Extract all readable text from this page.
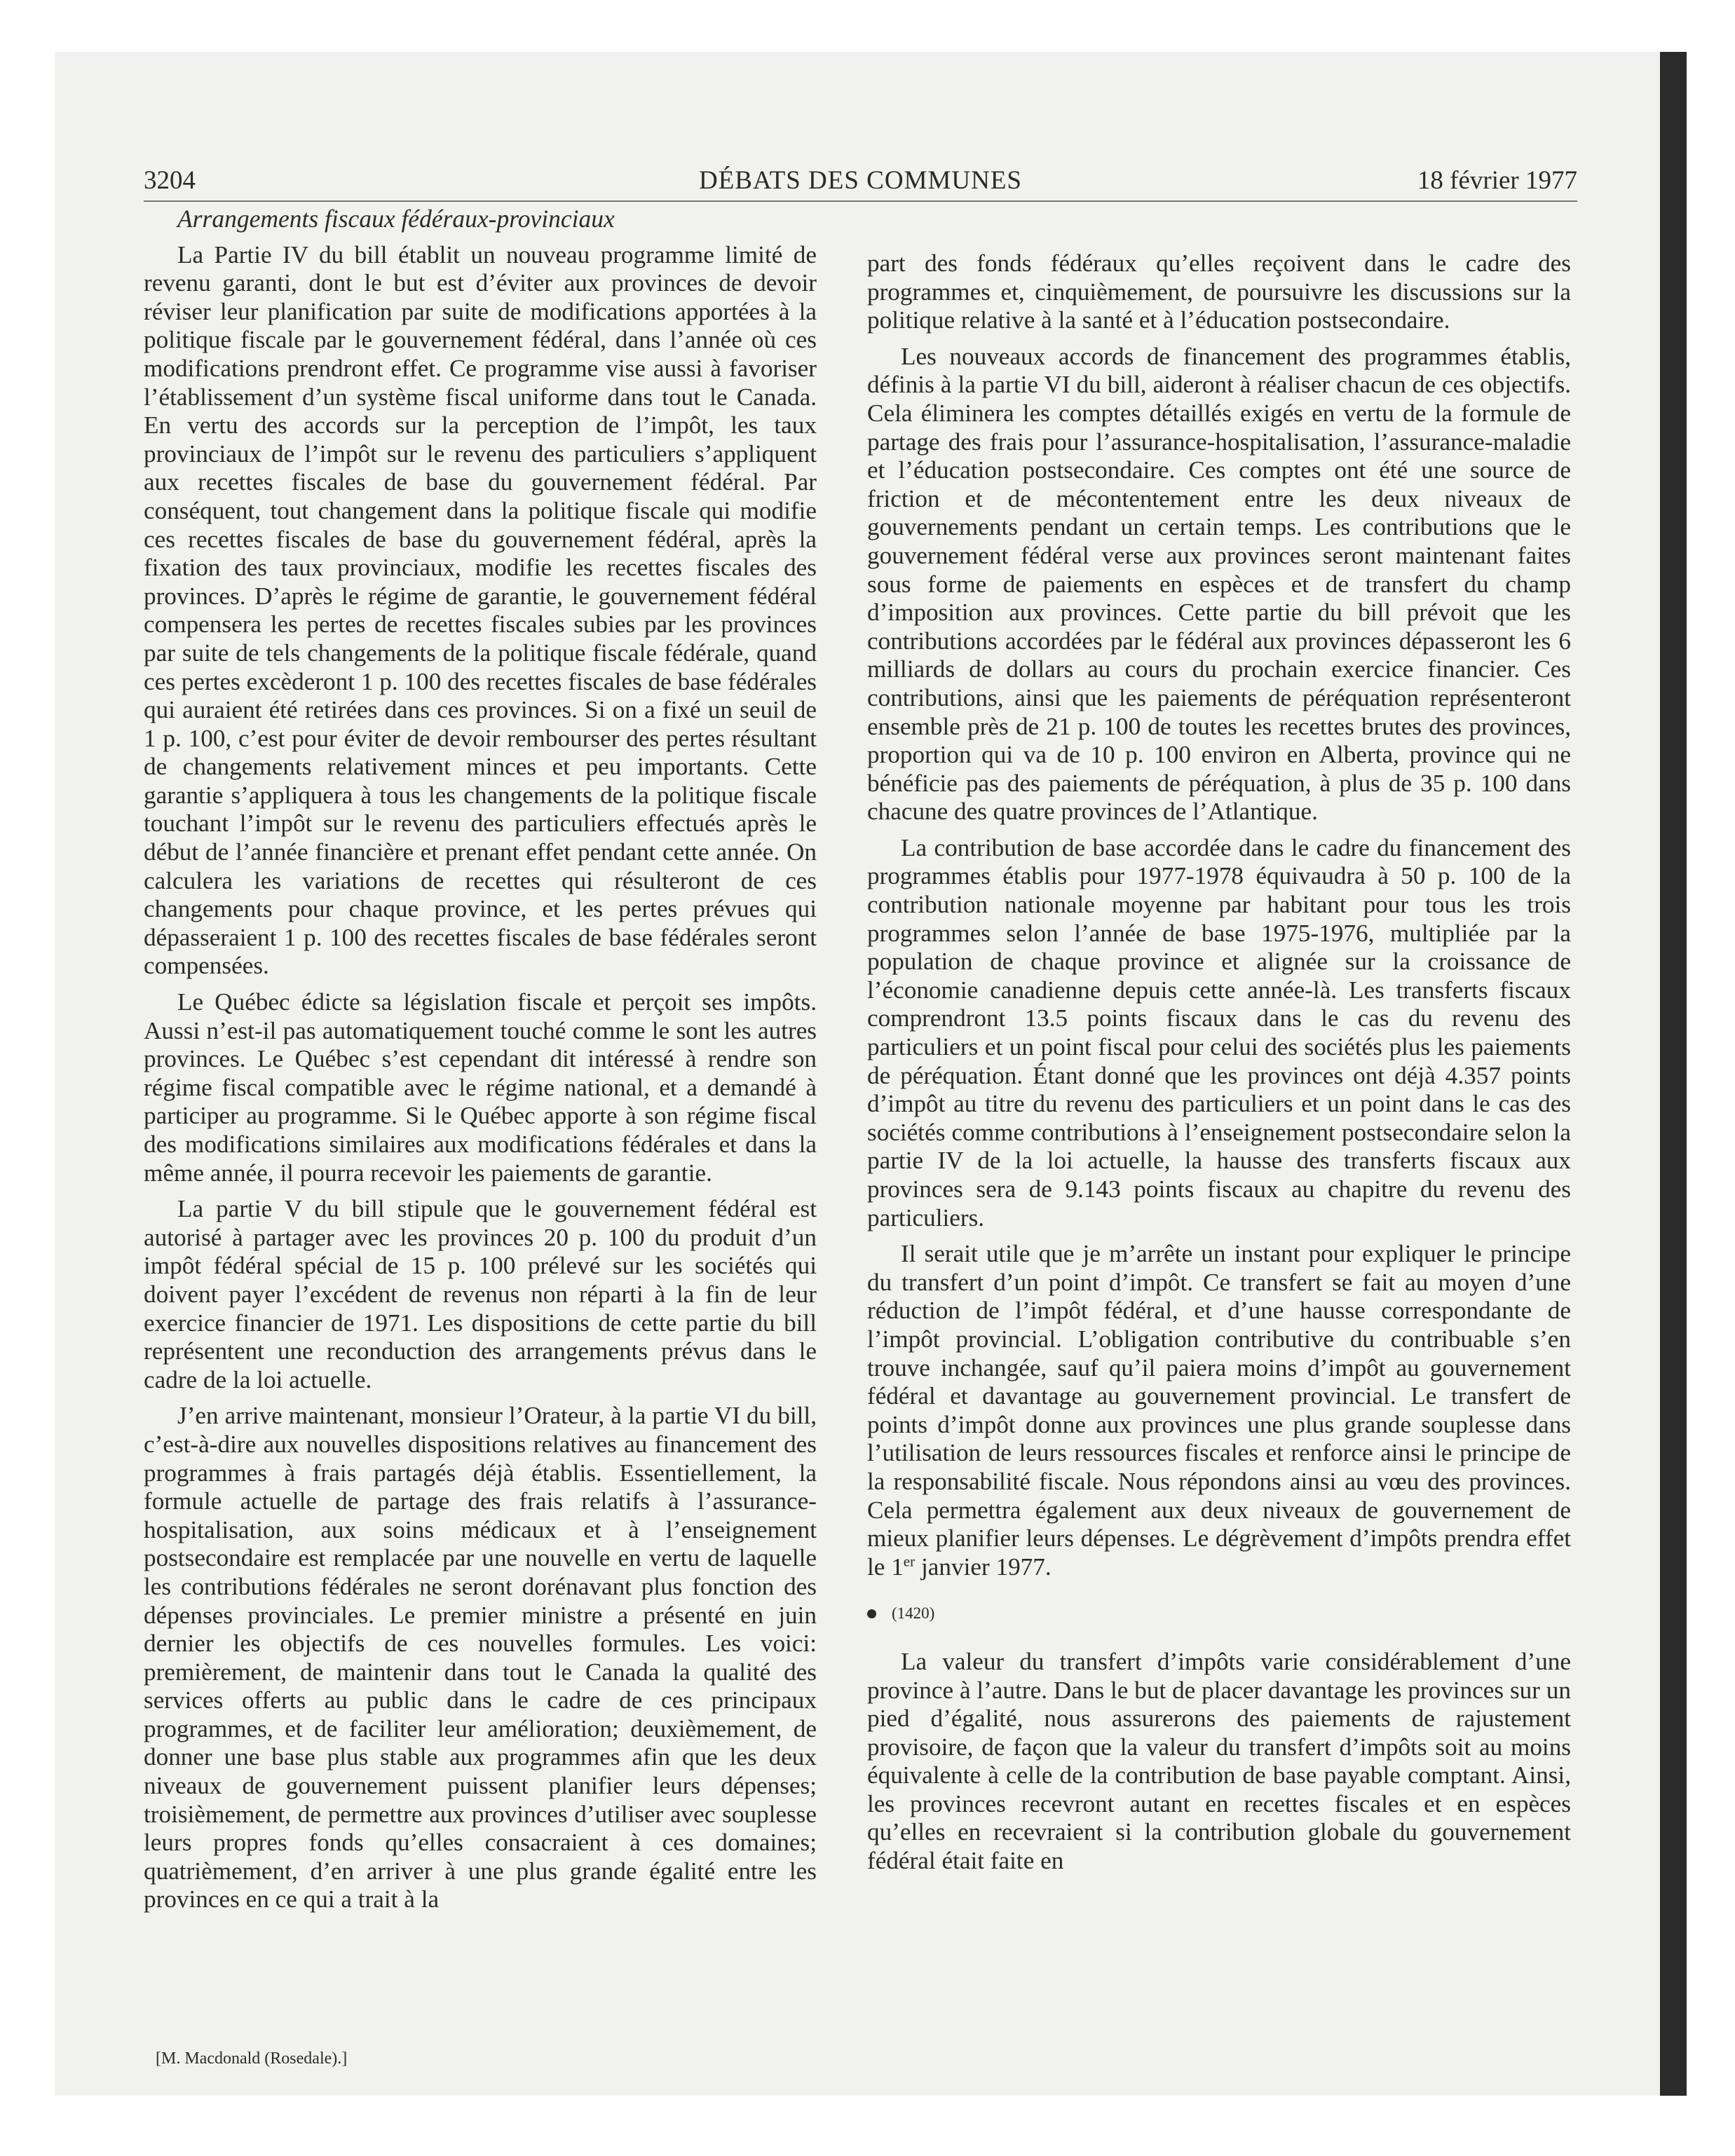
3204	DÉBATS DES COMMUNES	18 février 1977

Arrangements fiscaux fédéraux-provinciaux

La Partie IV du bill établit un nouveau programme limité de revenu garanti, dont le but est d’éviter aux provinces de devoir réviser leur planification par suite de modifications apportées à la politique fiscale par le gouvernement fédéral, dans l’année où ces modifications prendront effet. Ce programme vise aussi à favoriser l’établissement d’un système fiscal uniforme dans tout le Canada. En vertu des accords sur la perception de l’impôt, les taux provinciaux de l’impôt sur le revenu des particuliers s’appliquent aux recettes fiscales de base du gouvernement fédéral. Par conséquent, tout changement dans la politique fiscale qui modifie ces recettes fiscales de base du gouvernement fédéral, après la fixation des taux provinciaux, modifie les recettes fiscales des provinces. D’après le régime de garantie, le gouvernement fédéral compensera les pertes de recettes fiscales subies par les provinces par suite de tels changements de la politique fiscale fédérale, quand ces pertes excèderont 1 p. 100 des recettes fiscales de base fédérales qui auraient été retirées dans ces provinces. Si on a fixé un seuil de 1 p. 100, c’est pour éviter de devoir rembourser des pertes résultant de changements relativement minces et peu importants. Cette garantie s’appliquera à tous les changements de la politique fiscale touchant l’impôt sur le revenu des particuliers effectués après le début de l’année financière et prenant effet pendant cette année. On calculera les variations de recettes qui résulteront de ces changements pour chaque province, et les pertes prévues qui dépasseraient 1 p. 100 des recettes fiscales de base fédérales seront compensées.

Le Québec édicte sa législation fiscale et perçoit ses impôts. Aussi n’est-il pas automatiquement touché comme le sont les autres provinces. Le Québec s’est cependant dit intéressé à rendre son régime fiscal compatible avec le régime national, et a demandé à participer au programme. Si le Québec apporte à son régime fiscal des modifications similaires aux modifications fédérales et dans la même année, il pourra recevoir les paiements de garantie.

La partie V du bill stipule que le gouvernement fédéral est autorisé à partager avec les provinces 20 p. 100 du produit d’un impôt fédéral spécial de 15 p. 100 prélevé sur les sociétés qui doivent payer l’excédent de revenus non réparti à la fin de leur exercice financier de 1971. Les dispositions de cette partie du bill représentent une reconduction des arrangements prévus dans le cadre de la loi actuelle.

J’en arrive maintenant, monsieur l’Orateur, à la partie VI du bill, c’est-à-dire aux nouvelles dispositions relatives au financement des programmes à frais partagés déjà établis. Essentiellement, la formule actuelle de partage des frais relatifs à l’assurance-hospitalisation, aux soins médicaux et à l’enseignement postsecondaire est remplacée par une nouvelle en vertu de laquelle les contributions fédérales ne seront dorénavant plus fonction des dépenses provinciales. Le premier ministre a présenté en juin dernier les objectifs de ces nouvelles formules. Les voici: premièrement, de maintenir dans tout le Canada la qualité des services offerts au public dans le cadre de ces principaux programmes, et de faciliter leur amélioration; deuxièmement, de donner une base plus stable aux programmes afin que les deux niveaux de gouvernement puissent planifier leurs dépenses; troisièmement, de permettre aux provinces d’utiliser avec souplesse leurs propres fonds qu’elles consacraient à ces domaines; quatrièmement, d’en arriver à une plus grande égalité entre les provinces en ce qui a trait à la

[M. Macdonald (Rosedale).]

part des fonds fédéraux qu’elles reçoivent dans le cadre des programmes et, cinquièmement, de poursuivre les discussions sur la politique relative à la santé et à l’éducation postsecondaire.

Les nouveaux accords de financement des programmes établis, définis à la partie VI du bill, aideront à réaliser chacun de ces objectifs. Cela éliminera les comptes détaillés exigés en vertu de la formule de partage des frais pour l’assurance-hospitalisation, l’assurance-maladie et l’éducation postsecondaire. Ces comptes ont été une source de friction et de mécontentement entre les deux niveaux de gouvernements pendant un certain temps. Les contributions que le gouvernement fédéral verse aux provinces seront maintenant faites sous forme de paiements en espèces et de transfert du champ d’imposition aux provinces. Cette partie du bill prévoit que les contributions accordées par le fédéral aux provinces dépasseront les 6 milliards de dollars au cours du prochain exercice financier. Ces contributions, ainsi que les paiements de péréquation représenteront ensemble près de 21 p. 100 de toutes les recettes brutes des provinces, proportion qui va de 10 p. 100 environ en Alberta, province qui ne bénéficie pas des paiements de péréquation, à plus de 35 p. 100 dans chacune des quatre provinces de l’Atlantique.

La contribution de base accordée dans le cadre du financement des programmes établis pour 1977-1978 équivaudra à 50 p. 100 de la contribution nationale moyenne par habitant pour tous les trois programmes selon l’année de base 1975-1976, multipliée par la population de chaque province et alignée sur la croissance de l’économie canadienne depuis cette année-là. Les transferts fiscaux comprendront 13.5 points fiscaux dans le cas du revenu des particuliers et un point fiscal pour celui des sociétés plus les paiements de péréquation. Étant donné que les provinces ont déjà 4.357 points d’impôt au titre du revenu des particuliers et un point dans le cas des sociétés comme contributions à l’enseignement postsecondaire selon la partie IV de la loi actuelle, la hausse des transferts fiscaux aux provinces sera de 9.143 points fiscaux au chapitre du revenu des particuliers.

Il serait utile que je m’arrête un instant pour expliquer le principe du transfert d’un point d’impôt. Ce transfert se fait au moyen d’une réduction de l’impôt fédéral, et d’une hausse correspondante de l’impôt provincial. L’obligation contributive du contribuable s’en trouve inchangée, sauf qu’il paiera moins d’impôt au gouvernement fédéral et davantage au gouvernement provincial. Le transfert de points d’impôt donne aux provinces une plus grande souplesse dans l’utilisation de leurs ressources fiscales et renforce ainsi le principe de la responsabilité fiscale. Nous répondons ainsi au vœu des provinces. Cela permettra également aux deux niveaux de gouvernement de mieux planifier leurs dépenses. Le dégrèvement d’impôts prendra effet le 1er janvier 1977.

(1420)

La valeur du transfert d’impôts varie considérablement d’une province à l’autre. Dans le but de placer davantage les provinces sur un pied d’égalité, nous assurerons des paiements de rajustement provisoire, de façon que la valeur du transfert d’impôts soit au moins équivalente à celle de la contribution de base payable comptant. Ainsi, les provinces recevront autant en recettes fiscales et en espèces qu’elles en recevraient si la contribution globale du gouvernement fédéral était faite en
